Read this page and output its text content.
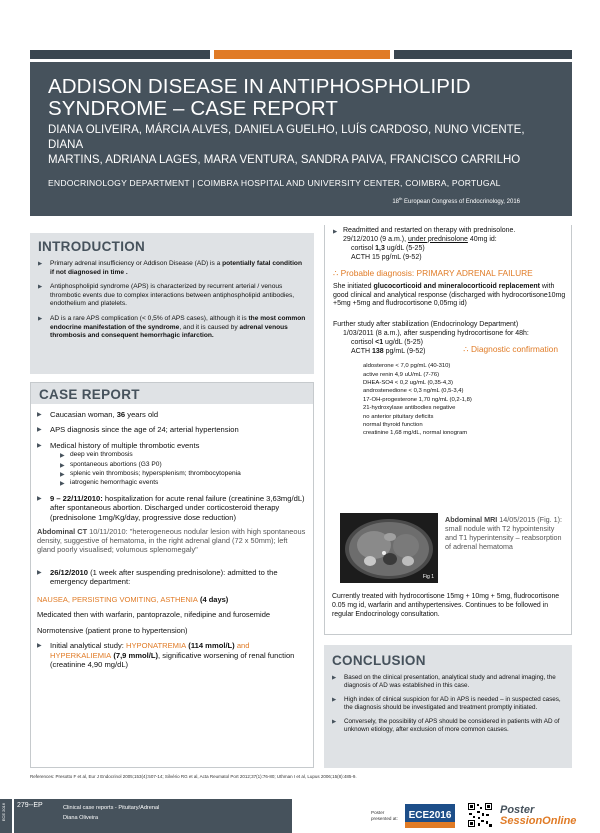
ADDISON DISEASE IN ANTIPHOSPHOLIPID
SYNDROME – CASE REPORT
DIANA OLIVEIRA, MÁRCIA ALVES, DANIELA GUELHO, LUÍS CARDOSO, NUNO VICENTE, DIANA
MARTINS, ADRIANA LAGES, MARA VENTURA, SANDRA PAIVA, FRANCISCO CARRILHO
ENDOCRINOLOGY DEPARTMENT | COIMBRA HOSPITAL AND UNIVERSITY CENTER, COIMBRA, PORTUGAL
18th European Congress of Endocrinology, 2016
INTRODUCTION
▶ Primary adrenal insufficiency or Addison Disease (AD) is a potentially fatal condition if not diagnosed in time .
▶ Antiphospholipid syndrome (APS) is characterized by recurrent arterial / venous thrombotic events due to complex interactions between antiphospholipid antibodies, endothelium and platelets.
▶ AD is a rare APS complication (< 0,5% of APS cases), although it is the most common endocrine manifestation of the syndrome, and it is caused by adrenal venous thrombosis and consequent hemorrhagic infarction.
CASE REPORT
▶ Caucasian woman, 36 years old
▶ APS diagnosis since the age of 24; arterial hypertension
▶ Medical history of multiple thrombotic events
▶ deep vein thrombosis
▶ spontaneous abortions (G3 P0)
▶ splenic vein thrombosis; hypersplenism; thrombocytopenia
▶ iatrogenic hemorrhagic events
▶ 9 – 22/11/2010: hospitalization for acute renal failure (creatinine 3,63mg/dL) after spontaneous abortion. Discharged under corticosteroid therapy (prednisolone 1mg/Kg/day, progressive dose reduction)
Abdominal CT 10/11/2010: "heterogeneous nodular lesion with high spontaneous density, suggestive of hematoma, in the right adrenal gland (72 x 50mm); left gland poorly visualised; volumous splenomegaly"
▶ 26/12/2010 (1 week after suspending prednisolone): admitted to the emergency department:

NAUSEA, PERSISTING VOMITING, ASTHENIA (4 days)

Medicated then with warfarin, pantoprazole, nifedipine and furosemide

Normotensive (patient prone to hypertension)

▶ Initial analytical study: HYPONATREMIA (114 mmol/L) and HYPERKALIEMIA (7,9 mmol/L), significative worsening of renal function (creatinine 4,90 mg/dL)
▶ Readmitted and restarted on therapy with prednisolone.
29/12/2010 (9 a.m.), under prednisolone 40mg id:
cortisol 1,3 ug/dL (5-25)
ACTH 15 pg/mL (9-52)
∴ Probable diagnosis: PRIMARY ADRENAL FAILURE
She initiated glucocorticoid and mineralocorticoid replacement with good clinical and analytical response (discharged with hydrocortisone10mg +5mg +5mg and fludrocortisone 0,05mg id)
Further study after stabilization (Endocrinology Department)
1/03/2011 (8 a.m.), after suspending hydrocortisone for 48h:
cortisol <1 ug/dL (5-25)
ACTH 138 pg/mL (9-52)	∴ Diagnostic confirmation
aldosterone < 7,0 pg/mL (40-310)
active renin 4,9 uU/mL (7-76)
DHEA-SO4 < 0,2 ug/mL (0,35-4,3)
androstenedione < 0,3 ng/mL (0,5-3,4)
17-OH-progesterone 1,70 ng/mL (0,2-1,8)
21-hydroxylase antibodies negative
no anterior pituitary deficits
normal thyroid function
creatinine 1,68 mg/dL, normal ionogram
Fig 1
Abdominal MRI 14/05/2015 (Fig. 1): small nodule with T2 hypointensity and T1 hyperintensity – reabsorption of adrenal hematoma
Currently treated with hydrocortisone 15mg + 10mg + 5mg, fludrocortisone 0.05 mg id, warfarin and antihypertensives. Continues to be followed in regular Endocrinology consultation.
CONCLUSION
▶ Based on the clinical presentation, analytical study and adrenal imaging, the diagnosis of AD was established in this case.
▶ High index of clinical suspicion for AD in APS is needed – in suspected cases, the diagnosis should be investigated and treatment promptly initiated.
▶ Conversely, the possibility of APS should be considered in patients with AD of unknown etiology, after exclusion of more common causes.
References: Presotto F et al, Eur J Endocrinol 2005;153(4):507-14; Silvério RG et al, Acta Reumatol Port 2012;37(1):76-80; Uthman I et al, Lupus 2006;15(8):485-9.
ECE 2016	279--EP	Clinical case reports - Pituitary/Adrenal
Diana Oliveira
Poster
presented at: ECE2016	Poster
SessionOnline
